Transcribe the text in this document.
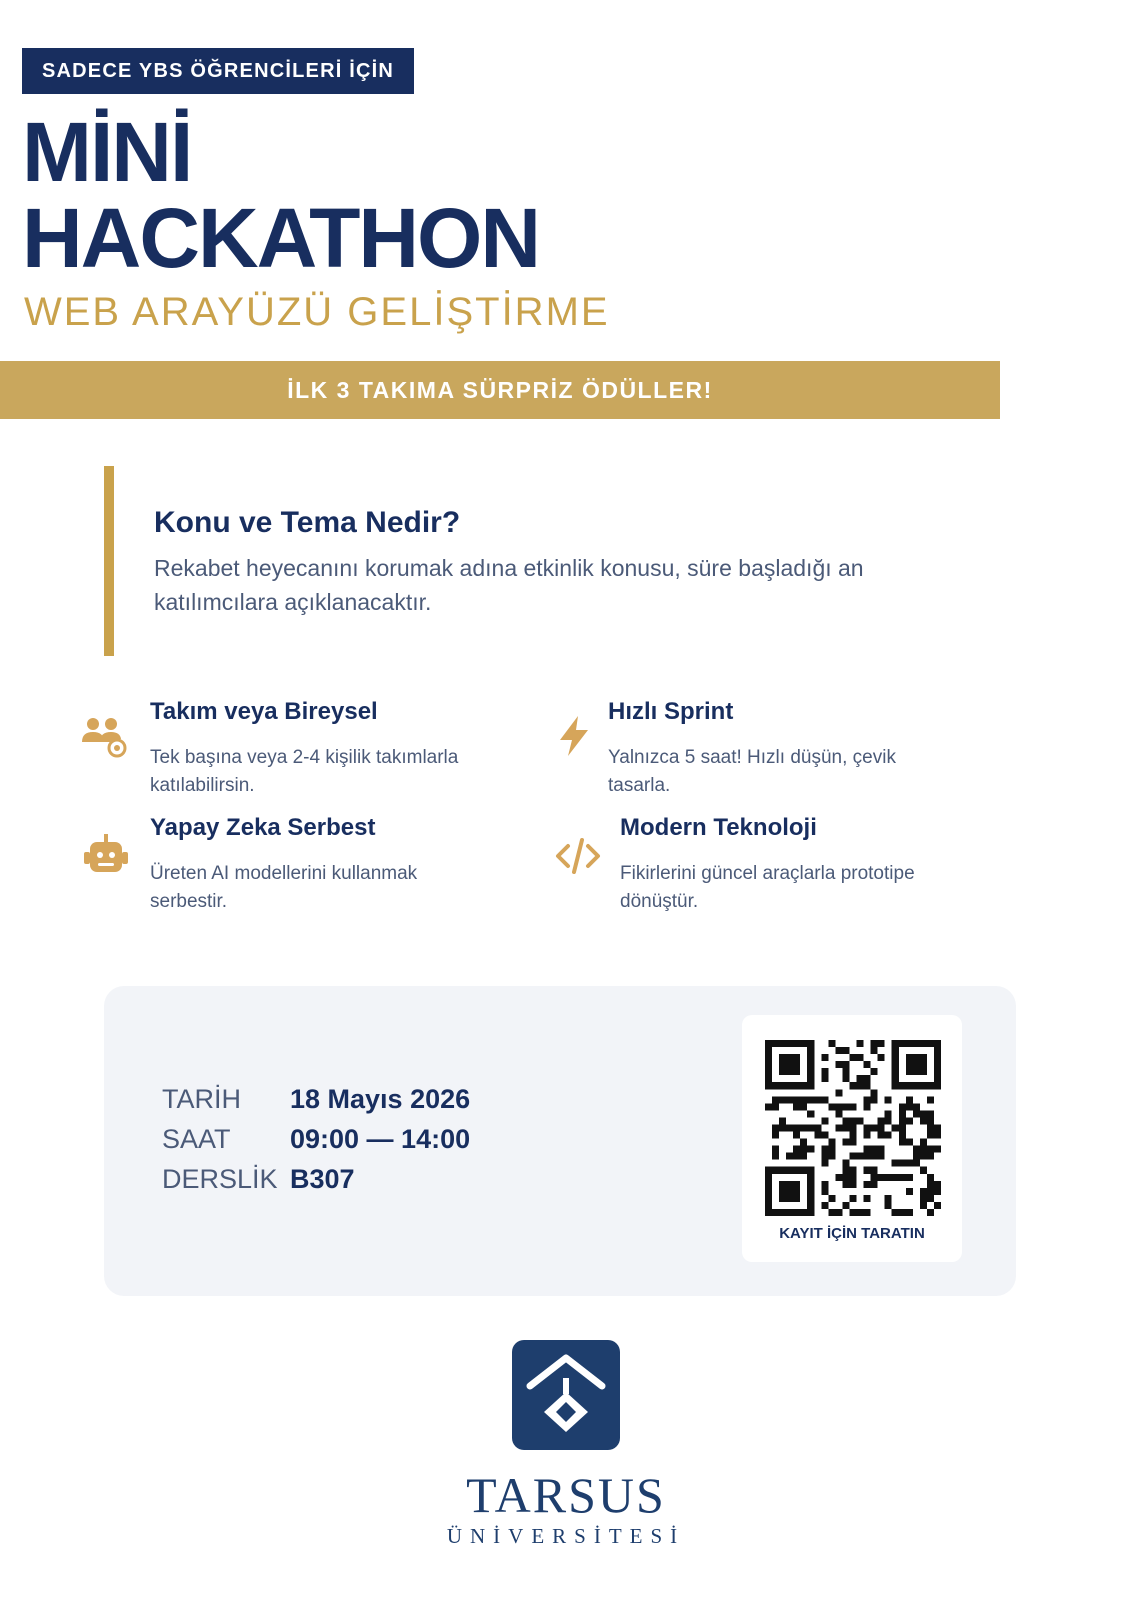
SADECE YBS ÖĞRENCİLERİ İÇİN
MİNİ
HACKATHON
WEB ARAYÜZÜ GELİŞTİRME
İLK 3 TAKIMA SÜRPRİZ ÖDÜLLER!
Konu ve Tema Nedir?
Rekabet heyecanını korumak adına etkinlik konusu, süre başladığı an katılımcılara açıklanacaktır.
Takım veya Bireysel
Tek başına veya 2-4 kişilik takımlarla katılabilirsin.
Hızlı Sprint
Yalnızca 5 saat! Hızlı düşün, çevik tasarla.
Yapay Zeka Serbest
Üreten AI modellerini kullanmak serbestir.
Modern Teknoloji
Fikirlerini güncel araçlarla prototipe dönüştür.
TARİH 18 Mayıs 2026
SAAT 09:00 — 14:00
DERSLİK B307
KAYIT İÇİN TARATIN
TARSUS
ÜNİVERSİTESİ
